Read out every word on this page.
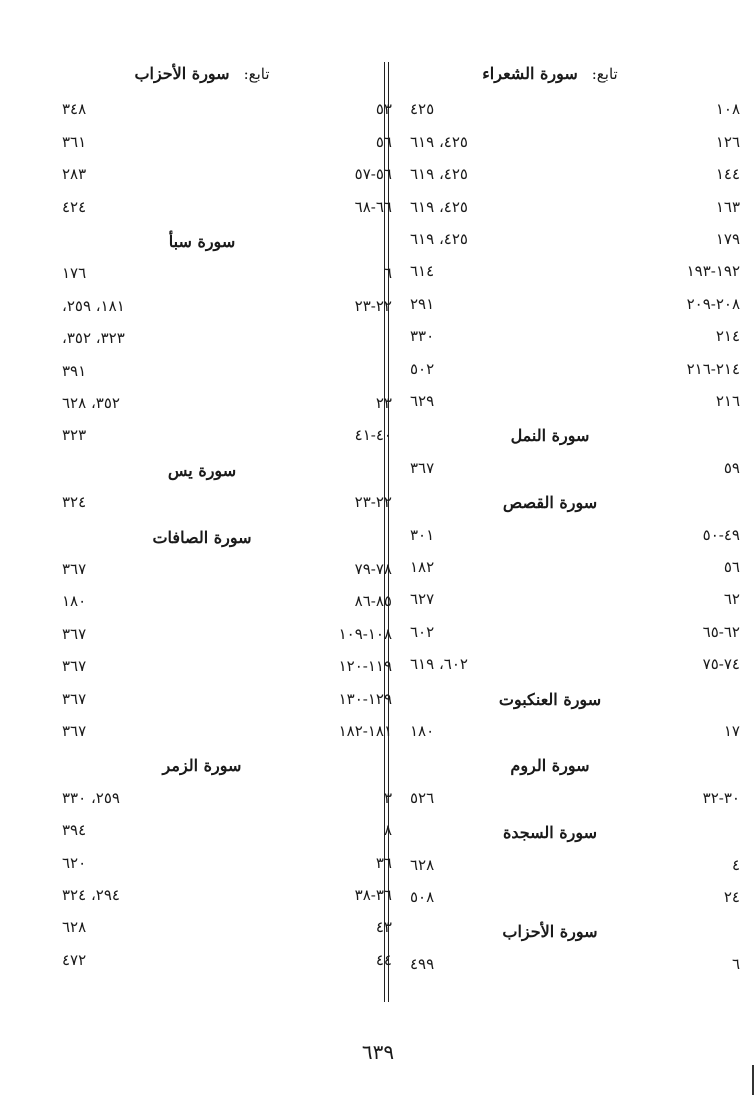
تابع:سورة الشعراء
١٠٨
٤٢٥
١٢٦
٤٢٥، ٦١٩
١٤٤
٤٢٥، ٦١٩
١٦٣
٤٢٥، ٦١٩
١٧٩
٤٢٥، ٦١٩
١٩٢-١٩٣
٦١٤
٢٠٨-٢٠٩
٢٩١
٢١٤
٣٣٠
٢١٤-٢١٦
٥٠٢
٢١٦
٦٢٩
سورة النمل
٥٩
٣٦٧
سورة القصص
٤٩-٥٠
٣٠١
٥٦
١٨٢
٦٢
٦٢٧
٦٢-٦٥
٦٠٢
٧٤-٧٥
٦٠٢، ٦١٩
سورة العنكبوت
١٧
١٨٠
سورة الروم
٣٠-٣٢
٥٢٦
سورة السجدة
٤
٦٢٨
٢٤
٥٠٨
سورة الأحزاب
٦
٤٩٩
تابع:سورة الأحزاب
٥٣
٣٤٨
٥٦
٣٦١
٥٦-٥٧
٢٨٣
٦٦-٦٨
٤٢٤
سورة سبأ
٦
١٧٦
٢٢-٢٣
١٨١، ٢٥٩،
٣٢٣، ٣٥٢،
٣٩١
٢٣
٣٥٢، ٦٢٨
٤٠-٤١
٣٢٣
سورة يس
٢٢-٢٣
٣٢٤
سورة الصافات
٧٨-٧٩
٣٦٧
٨٥-٨٦
١٨٠
١٠٨-١٠٩
٣٦٧
١١٩-١٢٠
٣٦٧
١٢٩-١٣٠
٣٦٧
١٨١-١٨٢
٣٦٧
سورة الزمر
٣
٢٥٩، ٣٣٠
٨
٣٩٤
٣٦
٦٢٠
٣٦-٣٨
٢٩٤، ٣٢٤
٤٣
٦٢٨
٤٤
٤٧٢
٦٣٩
